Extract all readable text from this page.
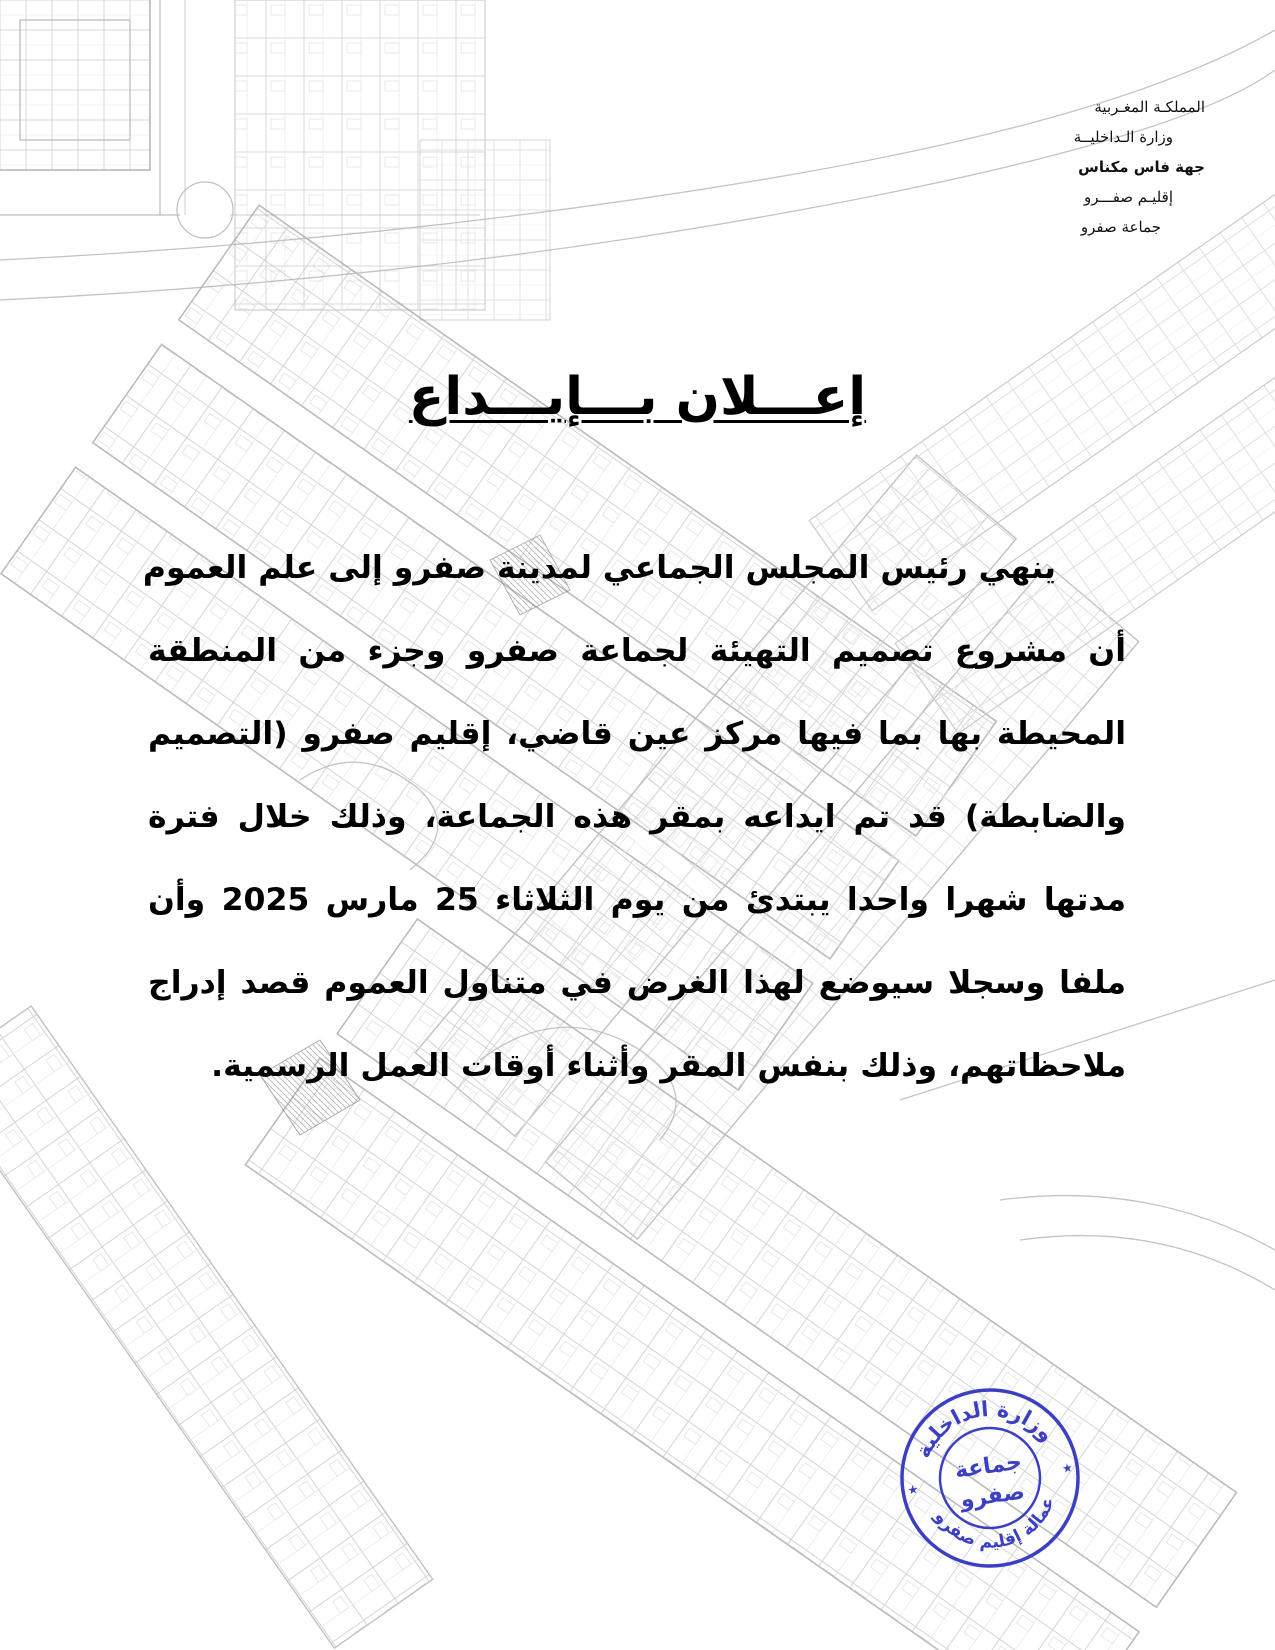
المملكـة المغـربية
وزارة الـداخليــة
جهة فاس مكناس
إقليـم صفـــرو
جماعة صفرو
إعـــلان بـــإيـــداع
ينهي رئيس المجلس الجماعي لمدينة صفرو إلى علم العموم
أن مشروع تصميم التهيئة لجماعة صفرو وجزء من المنطقة
المحيطة بها بما فيها مركز عين قاضي، إقليم صفرو (التصميم
والضابطة) قد تم ايداعه بمقر هذه الجماعة، وذلك خلال فترة
مدتها شهرا واحدا يبتدئ من يوم الثلاثاء 25 مارس 2025 وأن
ملفا وسجلا سيوضع لهذا الغرض في متناول العموم قصد إدراج
ملاحظاتهم، وذلك بنفس المقر وأثناء أوقات العمل الرسمية.
وزارة الداخلية
عمالة إقليم صفرو
جماعة
صفرو
★
★
